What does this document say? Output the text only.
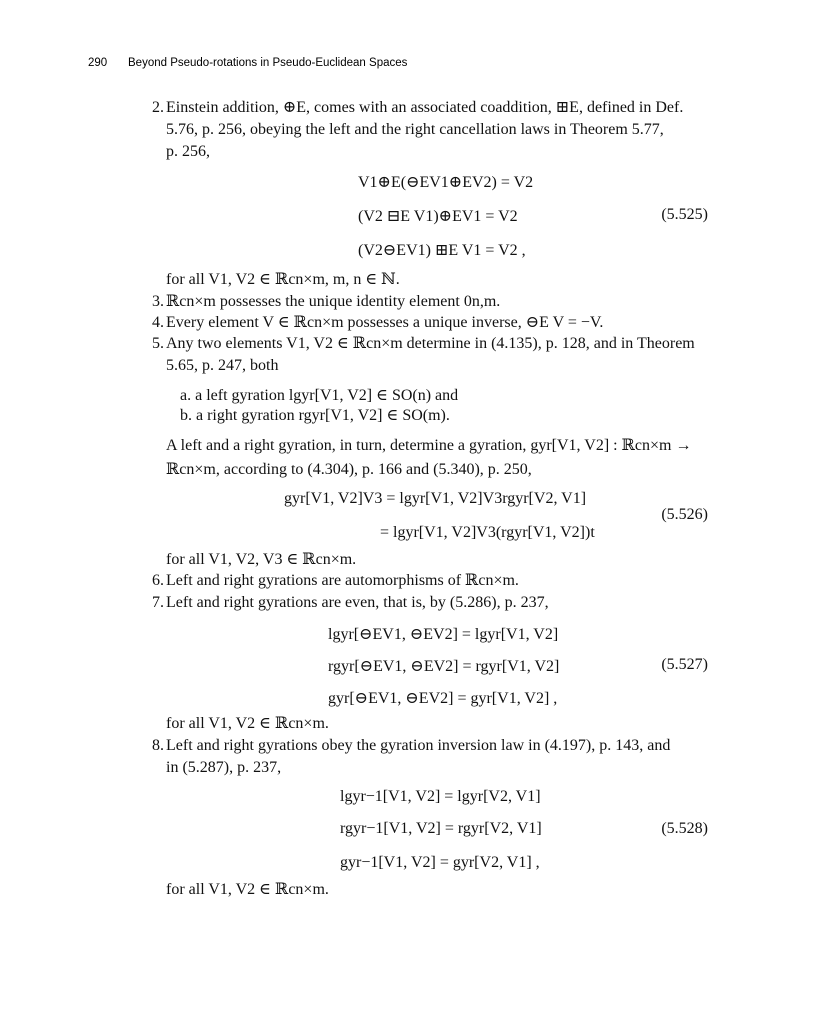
290 Beyond Pseudo-rotations in Pseudo-Euclidean Spaces
2. Einstein addition, ⊕E, comes with an associated coaddition, ⊞E, defined in Def.
5.76, p. 256, obeying the left and the right cancellation laws in Theorem 5.77,
p. 256,
V1⊕E(⊖EV1⊕EV2) = V2
(V2 ⊟E V1)⊕EV1 = V2
(V2⊖EV1) ⊞E V1 = V2 ,
(5.525)
for all V1, V2 ∈ ℝcn×m, m, n ∈ ℕ.
3. ℝcn×m possesses the unique identity element 0n,m.
4. Every element V ∈ ℝcn×m possesses a unique inverse, ⊖E V = −V.
5. Any two elements V1, V2 ∈ ℝcn×m determine in (4.135), p. 128, and in Theorem
5.65, p. 247, both
a. a left gyration lgyr[V1, V2] ∈ SO(n) and
b. a right gyration rgyr[V1, V2] ∈ SO(m).
A left and a right gyration, in turn, determine a gyration, gyr[V1, V2] : ℝcn×m →
ℝcn×m, according to (4.304), p. 166 and (5.340), p. 250,
gyr[V1, V2]V3 = lgyr[V1, V2]V3rgyr[V2, V1]
= lgyr[V1, V2]V3(rgyr[V1, V2])t
(5.526)
for all V1, V2, V3 ∈ ℝcn×m.
6. Left and right gyrations are automorphisms of ℝcn×m.
7. Left and right gyrations are even, that is, by (5.286), p. 237,
lgyr[⊖EV1, ⊖EV2] = lgyr[V1, V2]
rgyr[⊖EV1, ⊖EV2] = rgyr[V1, V2]
gyr[⊖EV1, ⊖EV2] = gyr[V1, V2] ,
(5.527)
for all V1, V2 ∈ ℝcn×m.
8. Left and right gyrations obey the gyration inversion law in (4.197), p. 143, and
in (5.287), p. 237,
lgyr−1[V1, V2] = lgyr[V2, V1]
rgyr−1[V1, V2] = rgyr[V2, V1]
gyr−1[V1, V2] = gyr[V2, V1] ,
(5.528)
for all V1, V2 ∈ ℝcn×m.
